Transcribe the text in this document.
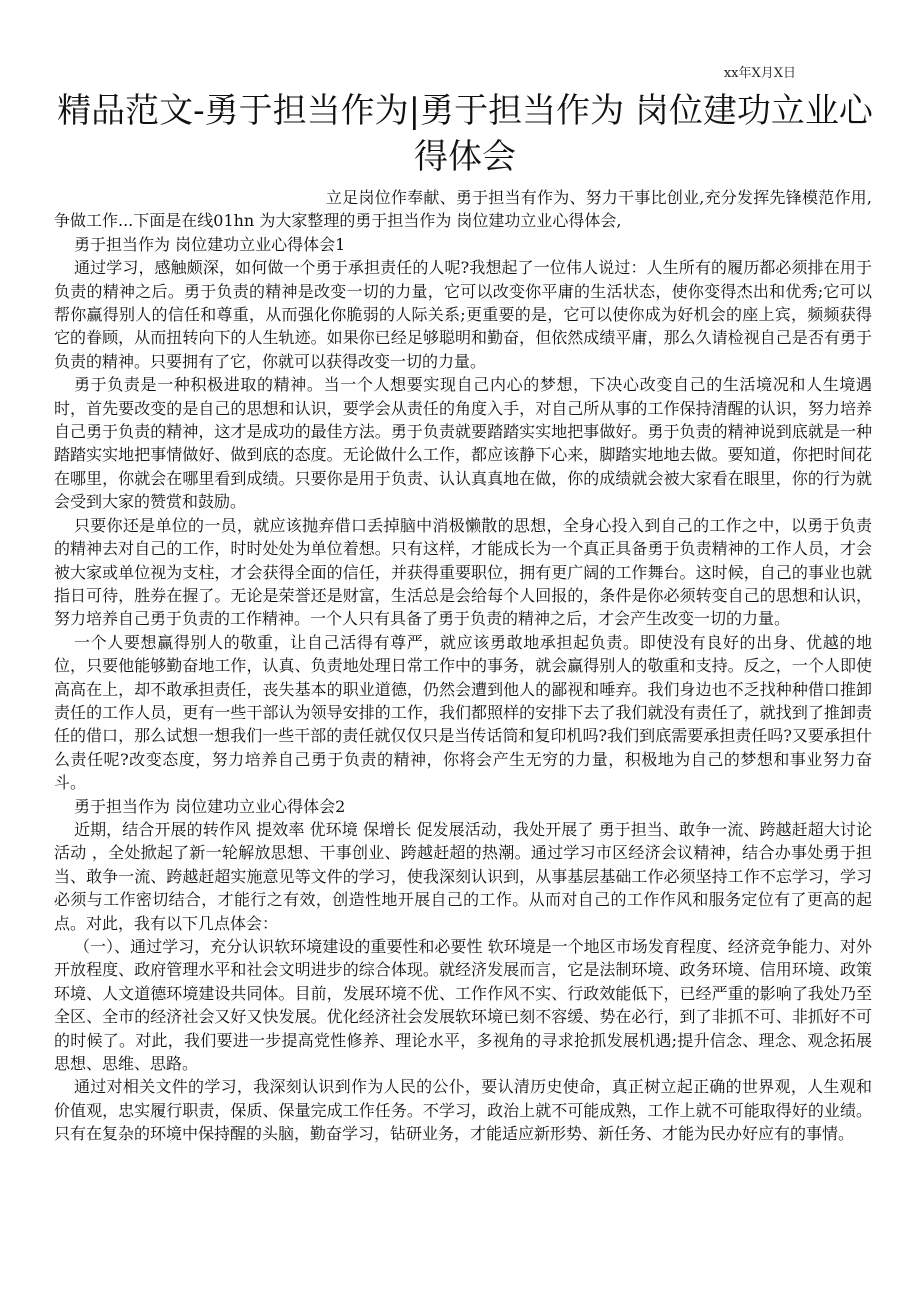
xx年X月X日
精品范文-勇于担当作为|勇于担当作为 岗位建功立业心得体会

立足岗位作奉献、勇于担当有作为、努力干事比创业,充分发挥先锋模范作用,争做工作...下面是在线01hn 为大家整理的勇于担当作为 岗位建功立业心得体会,

勇于担当作为 岗位建功立业心得体会1

通过学习，感触颇深，如何做一个勇于承担责任的人呢?我想起了一位伟人说过：人生所有的履历都必须排在用于负责的精神之后。勇于负责的精神是改变一切的力量，它可以改变你平庸的生活状态，使你变得杰出和优秀;它可以帮你赢得别人的信任和尊重，从而强化你脆弱的人际关系;更重要的是，它可以使你成为好机会的座上宾，频频获得它的眷顾，从而扭转向下的人生轨迹。如果你已经足够聪明和勤奋，但依然成绩平庸，那么久请检视自己是否有勇于负责的精神。只要拥有了它，你就可以获得改变一切的力量。

勇于负责是一种积极进取的精神。当一个人想要实现自己内心的梦想，下决心改变自己的生活境况和人生境遇时，首先要改变的是自己的思想和认识，要学会从责任的角度入手，对自己所从事的工作保持清醒的认识，努力培养自己勇于负责的精神，这才是成功的最佳方法。勇于负责就要踏踏实实地把事做好。勇于负责的精神说到底就是一种踏踏实实地把事情做好、做到底的态度。无论做什么工作，都应该静下心来，脚踏实地地去做。要知道，你把时间花在哪里，你就会在哪里看到成绩。只要你是用于负责、认认真真地在做，你的成绩就会被大家看在眼里，你的行为就会受到大家的赞赏和鼓励。

只要你还是单位的一员，就应该抛弃借口丢掉脑中消极懒散的思想，全身心投入到自己的工作之中，以勇于负责的精神去对自己的工作，时时处处为单位着想。只有这样，才能成长为一个真正具备勇于负责精神的工作人员，才会被大家或单位视为支柱，才会获得全面的信任，并获得重要职位，拥有更广阔的工作舞台。这时候，自己的事业也就指日可待，胜券在握了。无论是荣誉还是财富，生活总是会给每个人回报的，条件是你必须转变自己的思想和认识，努力培养自己勇于负责的工作精神。一个人只有具备了勇于负责的精神之后，才会产生改变一切的力量。

一个人要想赢得别人的敬重，让自己活得有尊严，就应该勇敢地承担起负责。即使没有良好的出身、优越的地位，只要他能够勤奋地工作，认真、负责地处理日常工作中的事务，就会赢得别人的敬重和支持。反之，一个人即使高高在上，却不敢承担责任，丧失基本的职业道德，仍然会遭到他人的鄙视和唾弃。我们身边也不乏找种种借口推卸责任的工作人员，更有一些干部认为领导安排的工作，我们都照样的安排下去了我们就没有责任了，就找到了推卸责任的借口，那么试想一想我们一些干部的责任就仅仅只是当传话筒和复印机吗?我们到底需要承担责任吗?又要承担什么责任呢?改变态度，努力培养自己勇于负责的精神，你将会产生无穷的力量，积极地为自己的梦想和事业努力奋斗。

勇于担当作为 岗位建功立业心得体会2

近期，结合开展的转作风 提效率 优环境 保增长 促发展活动，我处开展了 勇于担当、敢争一流、跨越赶超大讨论活动 ，全处掀起了新一轮解放思想、干事创业、跨越赶超的热潮。通过学习市区经济会议精神，结合办事处勇于担当、敢争一流、跨越赶超实施意见等文件的学习，使我深刻认识到，从事基层基础工作必须坚持工作不忘学习，学习必须与工作密切结合，才能行之有效，创造性地开展自己的工作。从而对自己的工作作风和服务定位有了更高的起点。对此，我有以下几点体会：

（一）、通过学习，充分认识软环境建设的重要性和必要性 软环境是一个地区市场发育程度、经济竞争能力、对外开放程度、政府管理水平和社会文明进步的综合体现。就经济发展而言，它是法制环境、政务环境、信用环境、政策环境、人文道德环境建设共同体。目前，发展环境不优、工作作风不实、行政效能低下，已经严重的影响了我处乃至全区、全市的经济社会又好又快发展。优化经济社会发展软环境已刻不容缓、势在必行，到了非抓不可、非抓好不可的时候了。对此，我们要进一步提高党性修养、理论水平，多视角的寻求抢抓发展机遇;提升信念、理念、观念拓展思想、思维、思路。

通过对相关文件的学习，我深刻认识到作为人民的公仆，要认清历史使命，真正树立起正确的世界观，人生观和价值观，忠实履行职责，保质、保量完成工作任务。不学习，政治上就不可能成熟，工作上就不可能取得好的业绩。只有在复杂的环境中保持醒的头脑，勤奋学习，钻研业务，才能适应新形势、新任务、才能为民办好应有的事情。
